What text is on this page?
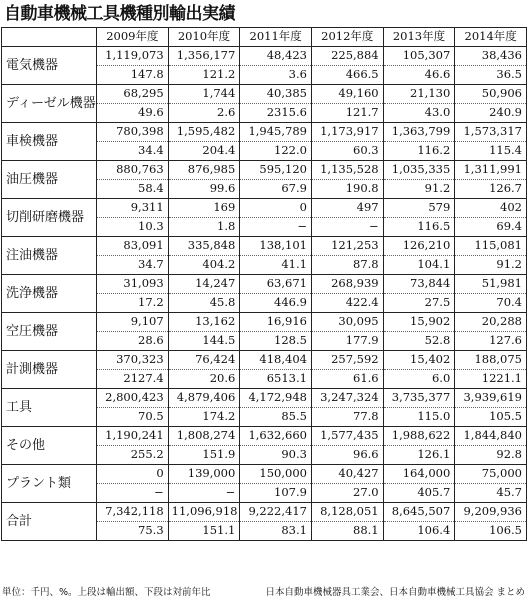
自動車機械工具機種別輸出実績
	2009年度	2010年度	2011年度	2012年度	2013年度	2014年度
電気機器	1,119,073	1,356,177	48,423	225,884	105,307	38,436
	147.8	121.2	3.6	466.5	46.6	36.5
ディーゼル機器	68,295	1,744	40,385	49,160	21,130	50,906
	49.6	2.6	2315.6	121.7	43.0	240.9
車検機器	780,398	1,595,482	1,945,789	1,173,917	1,363,799	1,573,317
	34.4	204.4	122.0	60.3	116.2	115.4
油圧機器	880,763	876,985	595,120	1,135,528	1,035,335	1,311,991
	58.4	99.6	67.9	190.8	91.2	126.7
切削研磨機器	9,311	169	0	497	579	402
	10.3	1.8	−	−	116.5	69.4
注油機器	83,091	335,848	138,101	121,253	126,210	115,081
	34.7	404.2	41.1	87.8	104.1	91.2
洗浄機器	31,093	14,247	63,671	268,939	73,844	51,981
	17.2	45.8	446.9	422.4	27.5	70.4
空圧機器	9,107	13,162	16,916	30,095	15,902	20,288
	28.6	144.5	128.5	177.9	52.8	127.6
計測機器	370,323	76,424	418,404	257,592	15,402	188,075
	2127.4	20.6	6513.1	61.6	6.0	1221.1
工具	2,800,423	4,879,406	4,172,948	3,247,324	3,735,377	3,939,619
	70.5	174.2	85.5	77.8	115.0	105.5
その他	1,190,241	1,808,274	1,632,660	1,577,435	1,988,622	1,844,840
	255.2	151.9	90.3	96.6	126.1	92.8
プラント類	0	139,000	150,000	40,427	164,000	75,000
	−	−	107.9	27.0	405.7	45.7
合計	7,342,118	11,096,918	9,222,417	8,128,051	8,645,507	9,209,936
	75.3	151.1	83.1	88.1	106.4	106.5
単位：千円、%。上段は輸出額、下段は対前年比	日本自動車機械器具工業会、日本自動車機械工具協会 まとめ
